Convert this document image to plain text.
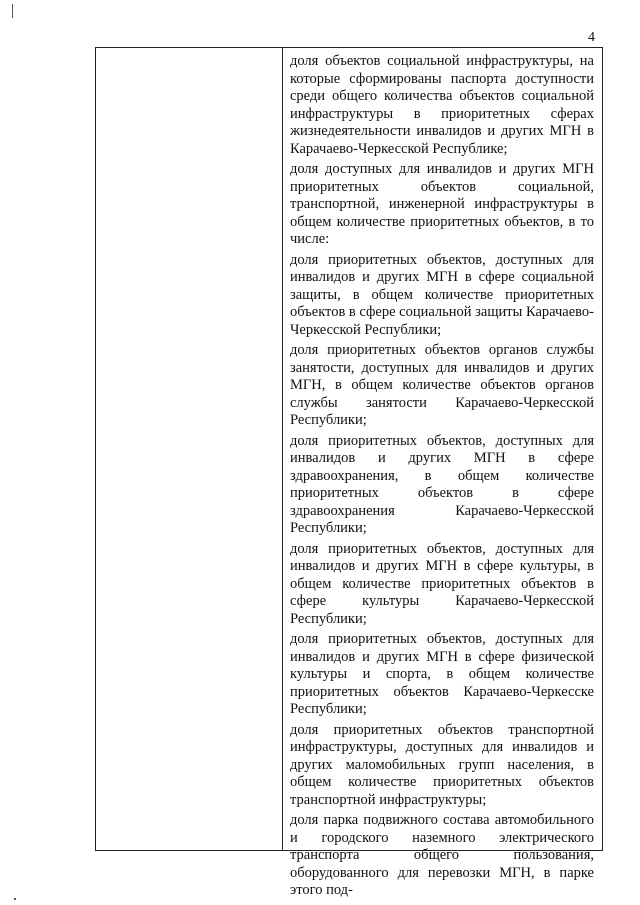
4

доля объектов социальной инфраструктуры, на которые сформированы паспорта доступности среди общего количества объектов социальной инфраструктуры в приоритетных сферах жизнедеятельности инвалидов и других МГН в Карачаево-Черкесской Республике;

доля доступных для инвалидов и других МГН приоритетных объектов социальной, транспортной, инженерной инфраструктуры в общем количестве приоритетных объектов, в то числе:

доля приоритетных объектов, доступных для инвалидов и других МГН в сфере социальной защиты, в общем количестве приоритетных объектов в сфере социальной защиты Карачаево-Черкесской Республики;

доля приоритетных объектов органов службы занятости, доступных для инвалидов и других МГН, в общем количестве объектов органов службы занятости Карачаево-Черкесской Республики;

доля приоритетных объектов, доступных для инвалидов и других МГН в сфере здравоохранения, в общем количестве приоритетных объектов в сфере здравоохранения Карачаево-Черкесской Республики;

доля приоритетных объектов, доступных для инвалидов и других МГН в сфере культуры, в общем количестве приоритетных объектов в сфере культуры Карачаево-Черкесской Республики;

доля приоритетных объектов, доступных для инвалидов и других МГН в сфере физической культуры и спорта, в общем количестве приоритетных объектов Карачаево-Черкесске Республики;

доля приоритетных объектов транспортной инфраструктуры, доступных для инвалидов и других маломобильных групп населения, в общем количестве приоритетных объектов транспортной инфраструктуры;

доля парка подвижного состава автомобильного и городского наземного электрического транспорта общего пользования, оборудованного для перевозки МГН, в парке этого под-
